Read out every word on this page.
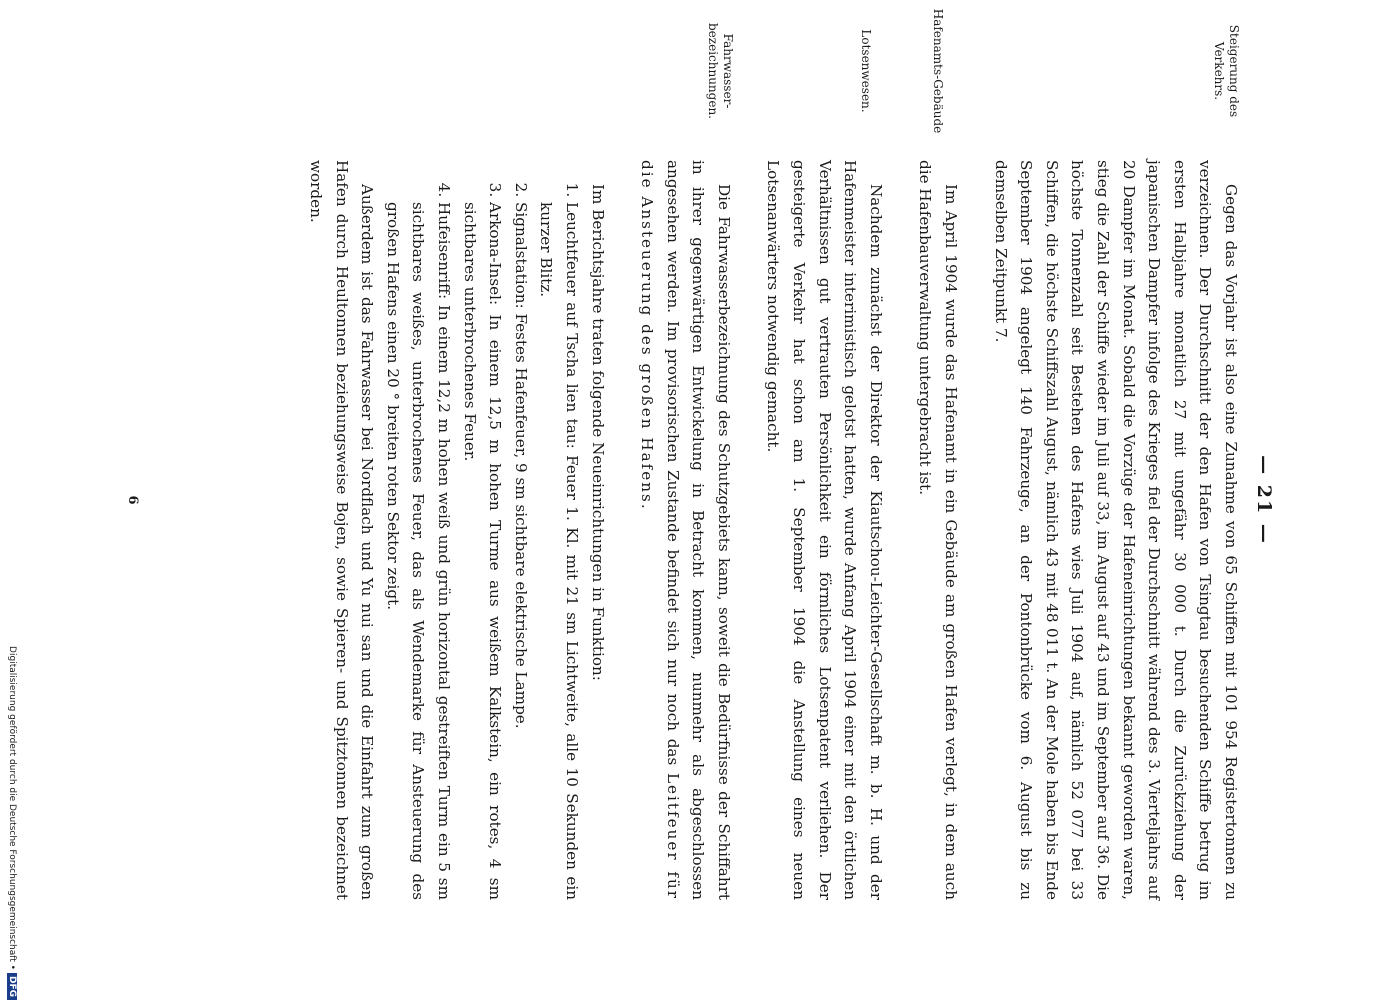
— 21 —
Steigerung des Verkehrs.
Hafenamts-Gebäude
Lotsenwesen.
Fahrwasser-bezeichnungen.

Gegen das Vorjahr ist also eine Zunahme von 65 Schiffen mit 101 954 Registertonnen zu verzeichnen. Der Durchschnitt der den Hafen von Tsingtau besuchenden Schiffe betrug im ersten Halbjahre monatlich 27 mit ungefähr 30 000 t. Durch die Zurückziehung der japanischen Dampfer infolge des Krieges fiel der Durchschnitt während des 3. Vierteljahrs auf 20 Dampfer im Monat. Sobald die Vorzüge der Hafeneinrichtungen bekannt geworden waren, stieg die Zahl der Schiffe wieder im Juli auf 33, im August auf 43 und im September auf 36. Die höchste Tonnenzahl seit Bestehen des Hafens wies Juli 1904 auf, nämlich 52 077 bei 33 Schiffen, die höchste Schiffszahl August, nämlich 43 mit 48 011 t. An der Mole haben bis Ende September 1904 angelegt 140 Fahrzeuge, an der Pontonbrücke vom 6. August bis zu demselben Zeitpunkt 7.

Im April 1904 wurde das Hafenamt in ein Gebäude am großen Hafen verlegt, in dem auch die Hafenbauverwaltung untergebracht ist.

Nachdem zunächst der Direktor der Kiautschou-Leichter-Gesellschaft m. b. H. und der Hafenmeister interimistisch gelotst hatten, wurde Anfang April 1904 einer mit den örtlichen Verhältnissen gut vertrauten Persönlichkeit ein förmliches Lotsenpatent verliehen. Der gesteigerte Verkehr hat schon am 1. September 1904 die Anstellung eines neuen Lotsenanwärters notwendig gemacht.

Die Fahrwasserbezeichnung des Schutzgebiets kann, soweit die Bedürfnisse der Schiffahrt in ihrer gegenwärtigen Entwickelung in Betracht kommen, nunmehr als abgeschlossen angesehen werden. Im provisorischen Zustande befindet sich nur noch das Leitfeuer für die Ansteuerung des großen Hafens.

Im Berichtsjahre traten folgende Neueinrichtungen in Funktion:

1. Leuchtfeuer auf Tscha lien tau: Feuer 1. Kl. mit 21 sm Lichtweite, alle 10 Sekunden ein kurzer Blitz.
2. Signalstation: Festes Hafenfeuer, 9 sm sichtbare elektrische Lampe.
3. Arkona-Insel: In einem 12,5 m hohen Turme aus weißem Kalkstein, ein rotes, 4 sm sichtbares unterbrochenes Feuer.
4. Hufeisenriff: In einem 12,2 m hohen weiß und grün horizontal gestreiften Turm ein 5 sm sichtbares weißes, unterbrochenes Feuer, das als Wendemarke für Ansteuerung des großen Hafens einen 20 ° breiten roten Sektor zeigt.

Außerdem ist das Fahrwasser bei Nordflach und Yu nui san und die Einfahrt zum großen Hafen durch Heultonnen beziehungsweise Bojen, sowie Spieren- und Spitztonnen bezeichnet worden.

6
Digitalisierung gefördert durch die Deutsche Forschungsgemeinschaft •DFG
